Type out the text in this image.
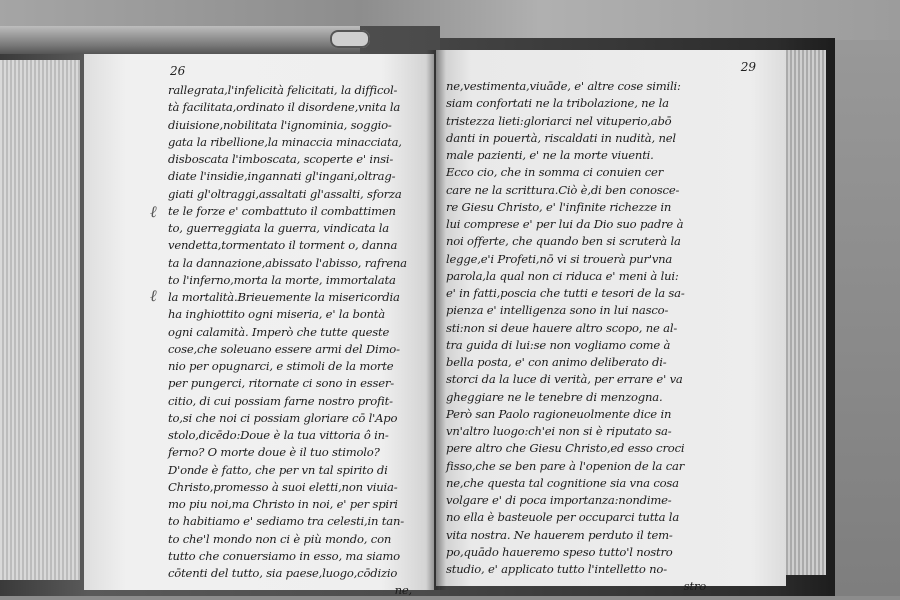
26
ℓ
ℓ
rallegrata,l'infelicità felicitati, la difficol-
tà facilitata,ordinato il disordene,vnita la
diuisione,nobilitata l'ignominia, soggio-
gata la ribellione,la minaccia minacciata,
disboscata l'imboscata, scoperte e' insi-
diate l'insidie,ingannati gl'ingani,oltrag-
giati gl'oltraggi,assaltati gl'assalti, sforza
te le forze e' combattuto il combattimen
to, guerreggiata la guerra, vindicata la
vendetta,tormentato il torment o, danna
ta la dannazione,abissato l'abisso, rafrena
to l'inferno,morta la morte, immortalata
la mortalità.Brieuemente la misericordia
ha inghiottito ogni miseria, e' la bontà
ogni calamità. Imperò che tutte queste
cose,che soleuano essere armi del Dimo-
nio per opugnarci, e stimoli de la morte
per pungerci, ritornate ci sono in esser-
citio, di cui possiam farne nostro profit-
to,si che noi ci possiam gloriare cō l'Apo
stolo,dicēdo:Doue è la tua vittoria ô in-
ferno? O morte doue è il tuo stimolo?
D'onde è fatto, che per vn tal spirito di
Christo,promesso à suoi eletti,non viuia-
mo piu noi,ma Christo in noi, e' per spiri
to habitiamo e' sediamo tra celesti,in tan-
to che'l mondo non ci è più mondo, con
tutto che conuersiamo in esso, ma siamo
cōtenti del tutto, sia paese,luogo,cōdizio
ne,
29
ne,vestimenta,viuāde, e' altre cose simili:
siam confortati ne la tribolazione, ne la
tristezza lieti:gloriarci nel vituperio,abō
danti in pouertà, riscaldati in nudità, nel
male pazienti, e' ne la morte viuenti.
Ecco cio, che in somma ci conuien cer
care ne la scrittura.Ciò è,di ben conosce-
re Giesu Christo, e' l'infinite richezze in
lui comprese e' per lui da Dio suo padre à
noi offerte, che quando ben si scruterà la
legge,e'i Profeti,nō vi si trouerà pur'vna
parola,la qual non ci riduca e' meni à lui:
e' in fatti,poscia che tutti e tesori de la sa-
pienza e' intelligenza sono in lui nasco-
sti:non si deue hauere altro scopo, ne al-
tra guida di lui:se non vogliamo come à
bella posta, e' con animo deliberato di-
storci da la luce di verità, per errare e' va
gheggiare ne le tenebre di menzogna.
Però san Paolo ragioneuolmente dice in
vn'altro luogo:ch'ei non si è riputato sa-
pere altro che Giesu Christo,ed esso croci
fisso,che se ben pare à l'openion de la car
ne,che questa tal cognitione sia vna cosa
volgare e' di poca importanza:nondime-
no ella è basteuole per occuparci tutta la
vita nostra. Ne hauerem perduto il tem-
po,quādo haueremo speso tutto'l nostro
studio, e' applicato tutto l'intelletto no-
stro
